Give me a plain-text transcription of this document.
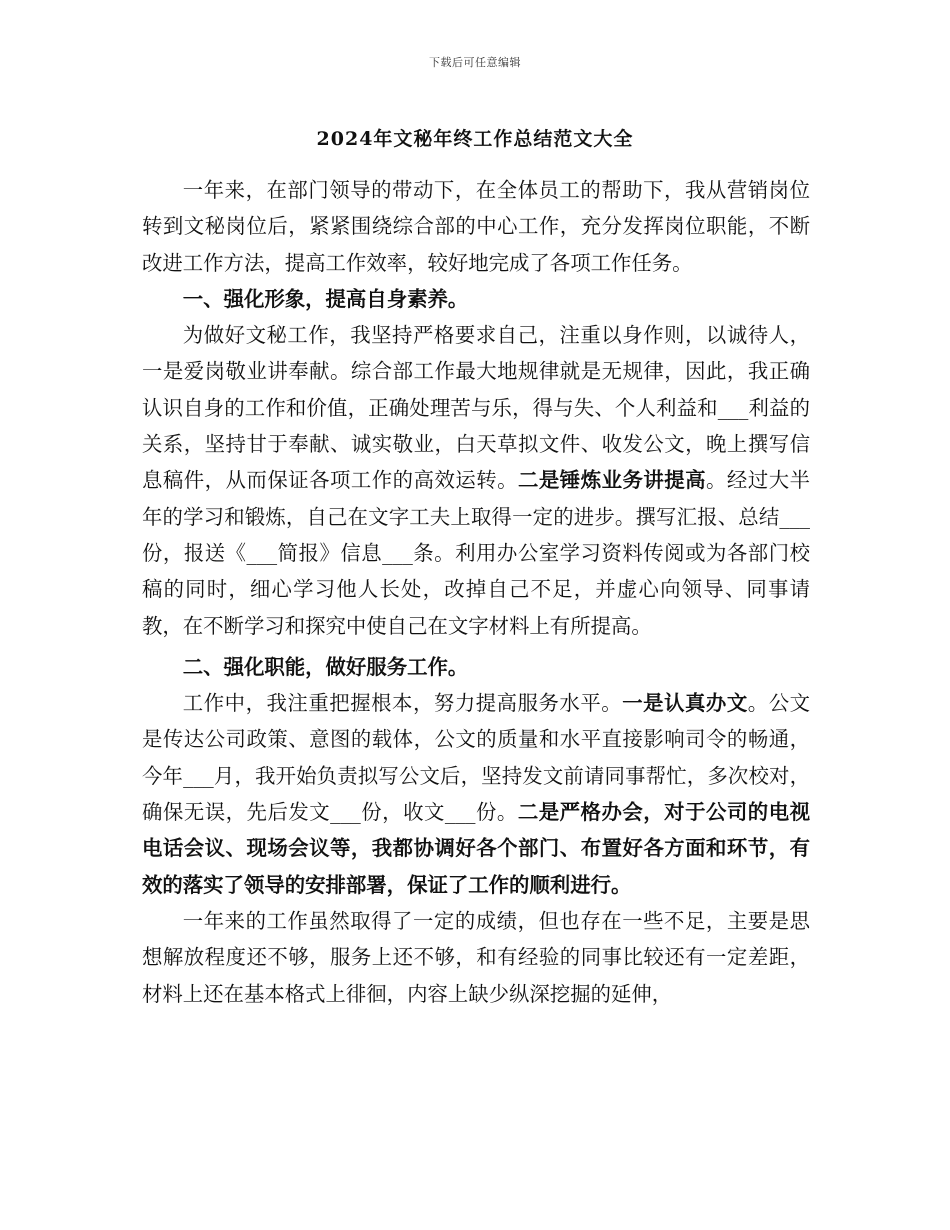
下载后可任意编辑
2024年文秘年终工作总结范文大全

一年来，在部门领导的带动下，在全体员工的帮助下，我从营销岗位转到文秘岗位后，紧紧围绕综合部的中心工作，充分发挥岗位职能，不断改进工作方法，提高工作效率，较好地完成了各项工作任务。

一、强化形象，提高自身素养。

为做好文秘工作，我坚持严格要求自己，注重以身作则，以诚待人，一是爱岗敬业讲奉献。综合部工作最大地规律就是无规律，因此，我正确认识自身的工作和价值，正确处理苦与乐，得与失、个人利益和___利益的关系，坚持甘于奉献、诚实敬业，白天草拟文件、收发公文，晚上撰写信息稿件，从而保证各项工作的高效运转。二是锤炼业务讲提高。经过大半年的学习和锻炼，自己在文字工夫上取得一定的进步。撰写汇报、总结___份，报送《___简报》信息___条。利用办公室学习资料传阅或为各部门校稿的同时，细心学习他人长处，改掉自己不足，并虚心向领导、同事请教，在不断学习和探究中使自己在文字材料上有所提高。

二、强化职能，做好服务工作。

工作中，我注重把握根本，努力提高服务水平。一是认真办文。公文是传达公司政策、意图的载体，公文的质量和水平直接影响司令的畅通，今年___月，我开始负责拟写公文后，坚持发文前请同事帮忙，多次校对，确保无误，先后发文___份，收文___份。二是严格办会，对于公司的电视电话会议、现场会议等，我都协调好各个部门、布置好各方面和环节，有效的落实了领导的安排部署，保证了工作的顺利进行。

一年来的工作虽然取得了一定的成绩，但也存在一些不足，主要是思想解放程度还不够，服务上还不够，和有经验的同事比较还有一定差距，材料上还在基本格式上徘徊，内容上缺少纵深挖掘的延伸，
